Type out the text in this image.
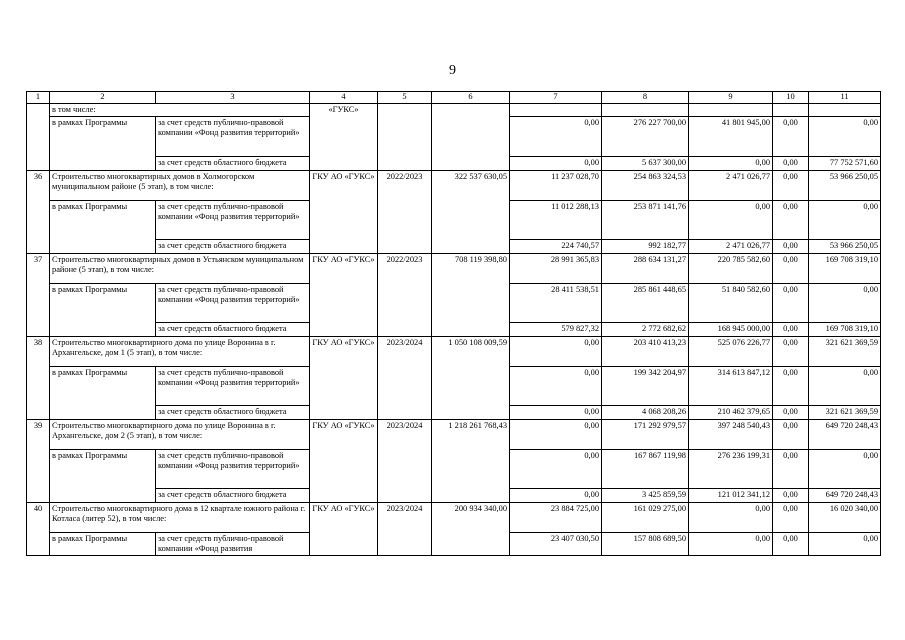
9
1	2	3	4	5	6	7	8	9	10	11
	в том числе:		«ГУКС»							
	в рамках Программы	за счет средств публично-правовой компании «Фонд развития территорий»				0,00	276 227 700,00	41 801 945,00	0,00	0,00
		за счет средств областного бюджета				0,00	5 637 300,00	0,00	0,00	77 752 571,60
36	Строительство многоквартирных домов в Холмогорском муниципальном районе (5 этап), в том числе:		ГКУ АО «ГУКС»	2022/2023	322 537 630,05	11 237 028,70	254 863 324,53	2 471 026,77	0,00	53 966 250,05
	в рамках Программы	за счет средств публично-правовой компании «Фонд развития территорий»				11 012 288,13	253 871 141,76	0,00	0,00	0,00
		за счет средств областного бюджета				224 740,57	992 182,77	2 471 026,77	0,00	53 966 250,05
37	Строительство многоквартирных домов в Устьянском муниципальном районе (5 этап), в том числе:		ГКУ АО «ГУКС»	2022/2023	708 119 398,80	28 991 365,83	288 634 131,27	220 785 582,60	0,00	169 708 319,10
	в рамках Программы	за счет средств публично-правовой компании «Фонд развития территорий»				28 411 538,51	285 861 448,65	51 840 582,60	0,00	0,00
		за счет средств областного бюджета				579 827,32	2 772 682,62	168 945 000,00	0,00	169 708 319,10
38	Строительство многоквартирного дома по улице Воронина в г. Архангельске, дом 1 (5 этап), в том числе:		ГКУ АО «ГУКС»	2023/2024	1 050 108 009,59	0,00	203 410 413,23	525 076 226,77	0,00	321 621 369,59
	в рамках Программы	за счет средств публично-правовой компании «Фонд развития территорий»				0,00	199 342 204,97	314 613 847,12	0,00	0,00
		за счет средств областного бюджета				0,00	4 068 208,26	210 462 379,65	0,00	321 621 369,59
39	Строительство многоквартирного дома по улице Воронина в г. Архангельске, дом 2 (5 этап), в том числе:		ГКУ АО «ГУКС»	2023/2024	1 218 261 768,43	0,00	171 292 979,57	397 248 540,43	0,00	649 720 248,43
	в рамках Программы	за счет средств публично-правовой компании «Фонд развития территорий»				0,00	167 867 119,98	276 236 199,31	0,00	0,00
		за счет средств областного бюджета				0,00	3 425 859,59	121 012 341,12	0,00	649 720 248,43
40	Строительство многоквартирного дома в 12 квартале южного района г. Котласа (литер 52), в том числе:		ГКУ АО «ГУКС»	2023/2024	200 934 340,00	23 884 725,00	161 029 275,00	0,00	0,00	16 020 340,00
	в рамках Программы	за счет средств публично-правовой компании «Фонд развития				23 407 030,50	157 808 689,50	0,00	0,00	0,00
